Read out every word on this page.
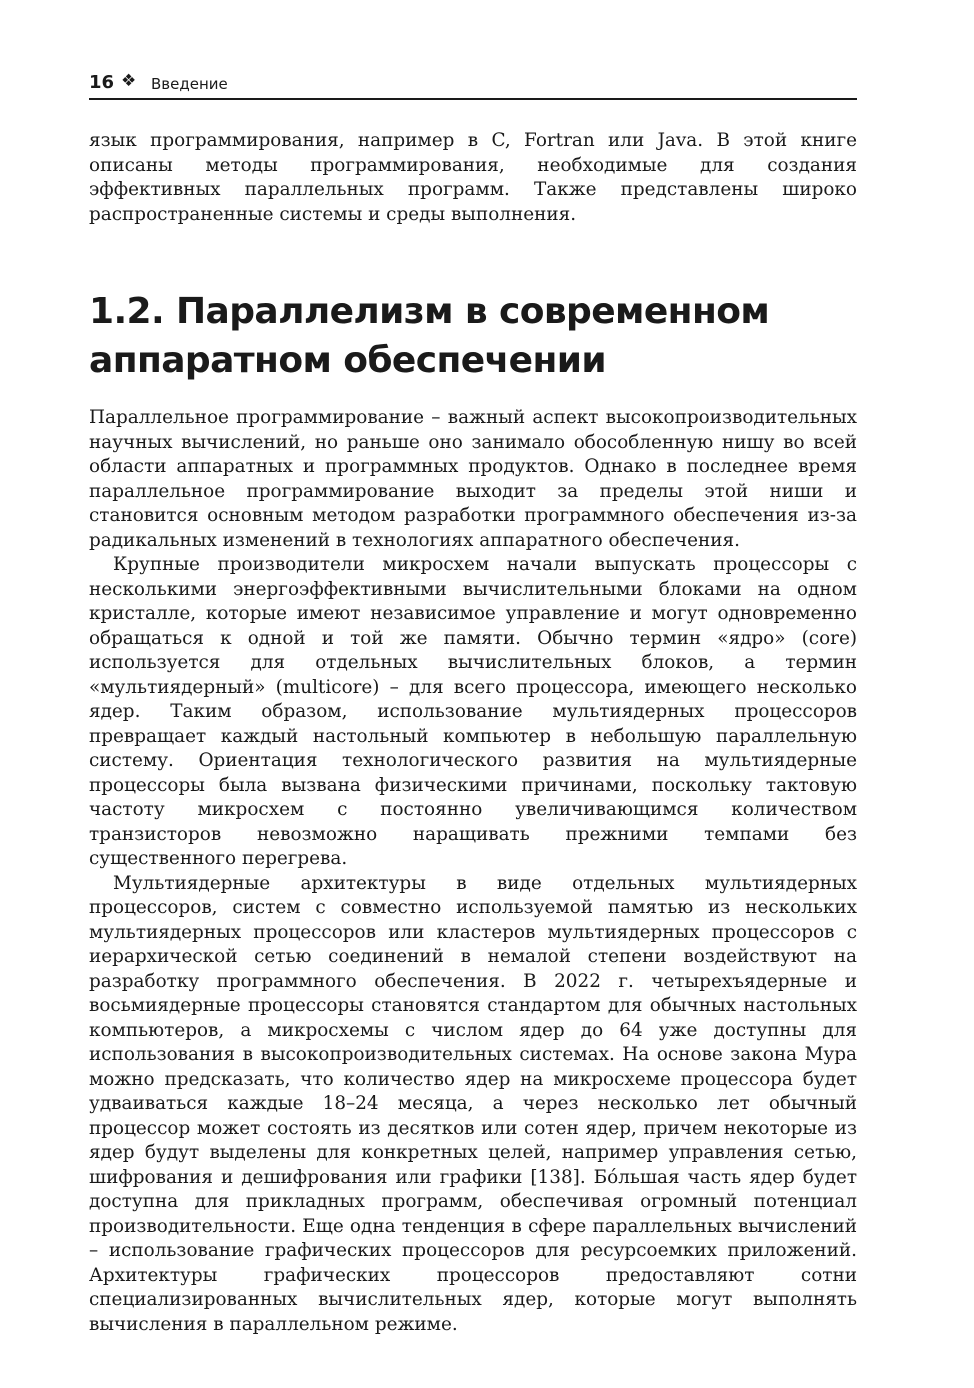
16 ❖ Введение

язык программирования, например в C, Fortran или Java. В этой книге описаны методы программирования, необходимые для создания эффективных параллельных программ. Также представлены широко распространенные системы и среды выполнения.

1.2. Параллелизм в современном аппаратном обеспечении

Параллельное программирование – важный аспект высокопроизводительных научных вычислений, но раньше оно занимало обособленную нишу во всей области аппаратных и программных продуктов. Однако в последнее время параллельное программирование выходит за пределы этой ниши и становится основным методом разработки программного обеспечения из-за радикальных изменений в технологиях аппаратного обеспечения.

Крупные производители микросхем начали выпускать процессоры с несколькими энергоэффективными вычислительными блоками на одном кристалле, которые имеют независимое управление и могут одновременно обращаться к одной и той же памяти. Обычно термин «ядро» (core) используется для отдельных вычислительных блоков, а термин «мультиядерный» (multicore) – для всего процессора, имеющего несколько ядер. Таким образом, использование мультиядерных процессоров превращает каждый настольный компьютер в небольшую параллельную систему. Ориентация технологического развития на мультиядерные процессоры была вызвана физическими причинами, поскольку тактовую частоту микросхем с постоянно увеличивающимся количеством транзисторов невозможно наращивать прежними темпами без существенного перегрева.

Мультиядерные архитектуры в виде отдельных мультиядерных процессоров, систем с совместно используемой памятью из нескольких мультиядерных процессоров или кластеров мультиядерных процессоров с иерархической сетью соединений в немалой степени воздействуют на разработку программного обеспечения. В 2022 г. четырехъядерные и восьмиядерные процессоры становятся стандартом для обычных настольных компьютеров, а микросхемы с числом ядер до 64 уже доступны для использования в высокопроизводительных системах. На основе закона Мура можно предсказать, что количество ядер на микросхеме процессора будет удваиваться каждые 18–24 месяца, а через несколько лет обычный процессор может состоять из десятков или сотен ядер, причем некоторые из ядер будут выделены для конкретных целей, например управления сетью, шифрования и дешифрования или графики [138]. Бóльшая часть ядер будет доступна для прикладных программ, обеспечивая огромный потенциал производительности. Еще одна тенденция в сфере параллельных вычислений – использование графических процессоров для ресурсоемких приложений. Архитектуры графических процессоров предоставляют сотни специализированных вычислительных ядер, которые могут выполнять вычисления в параллельном режиме.
